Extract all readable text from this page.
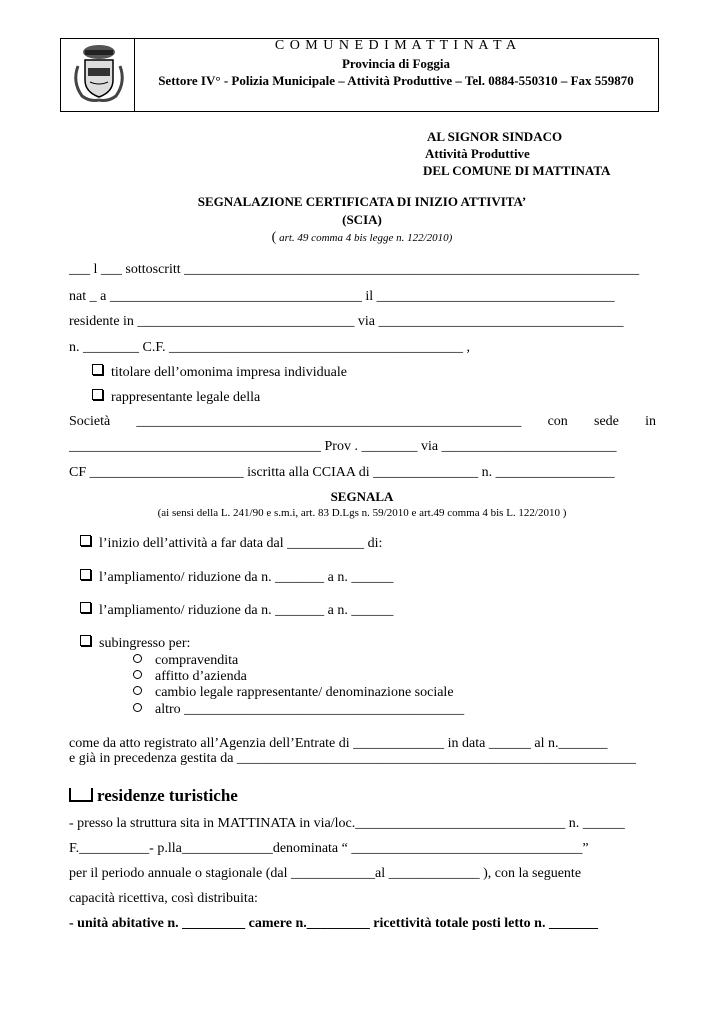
C O M U N E D I M A T T I N A T A
Provincia di Foggia
Settore IV° - Polizia Municipale – Attività Produttive – Tel. 0884-550310 – Fax 559870
AL SIGNOR SINDACO
Attività Produttive
DEL COMUNE DI MATTINATA
SEGNALAZIONE CERTIFICATA DI INIZIO ATTIVITA’
(SCIA)
( art. 49 comma 4 bis legge n. 122/2010)
___ l ___ sottoscritt _________________________________________________________________
nat _ a ____________________________________ il __________________________________
residente in _______________________________ via ___________________________________
n. ________ C.F. __________________________________________ ,
titolare dell’omonima impresa individuale
rappresentante legale della
Società _______________________________________________________ con sede in
____________________________________ Prov . ________ via _________________________
CF ______________________ iscritta alla CCIAA di _______________ n. _________________
SEGNALA
(ai sensi della L. 241/90 e s.m.i, art. 83 D.Lgs n. 59/2010 e art.49 comma 4 bis L. 122/2010 )
l’inizio dell’attività a far data dal ___________ di:
l’ampliamento/ riduzione da n. _______ a n. ______
l’ampliamento/ riduzione da n. _______ a n. ______
subingresso per:
compravendita
affitto d’azienda
cambio legale rappresentante/ denominazione sociale
altro ________________________________________
come da atto registrato all’Agenzia dell’Entrate di _____________ in data ______ al n._______
e già in precedenza gestita da _________________________________________________________
residenze turistiche
- presso la struttura sita in MATTINATA in via/loc.______________________________ n. ______
F.__________- p.lla_____________denominata “ _________________________________”
per il periodo annuale o stagionale (dal ____________al _____________ ), con la seguente
capacità ricettiva, così distribuita:
- unità abitative n. _________ camere n._________ ricettività totale posti letto n. _______
